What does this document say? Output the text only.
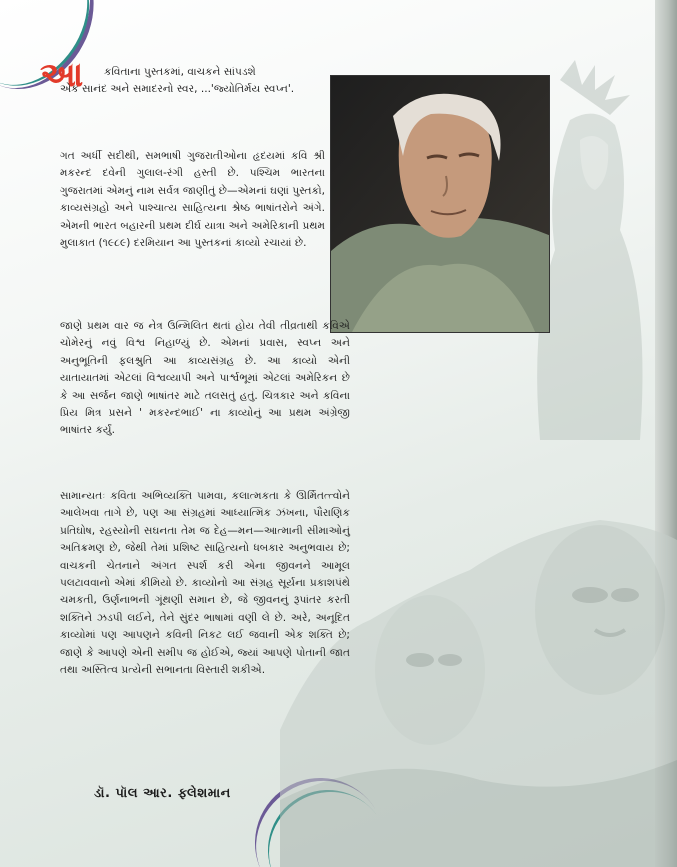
આ	કવિતાના પુસ્તકમાં, વાચકને સાંપડશે
એક સાનંદ અને સમાદરનો સ્વર, ...'જ્યોતિર્મય સ્વપ્ન'.
ગત અર્ધી સદીથી, સમભાષી ગુજરાતીઓના હૃદયમાં કવિ શ્રી મકરન્દ દવેની ગુલાલ-રંગી હસ્તી છે. પશ્ચિમ ભારતના ગુજરાતમાં એમનું નામ સર્વત્ર જાણીતું છે—એમનાં ઘણાં પુસ્તકો, કાવ્યસંગ્રહો અને પાશ્ચાત્ય સાહિત્યના શ્રેષ્ઠ ભાષાંતરોને અંગે. એમની ભારત બહારની પ્રથમ દીર્ઘ યાત્રા અને અમેરિકાની પ્રથમ મુલાકાત (૧૯૮૯) દરમિયાન આ પુસ્તકનાં કાવ્યો રચાયાં છે.
જાણે પ્રથમ વાર જ નેત્ર ઉન્મિલિત થતાં હોય તેવી તીવ્રતાથી કવિએ ચોમેરનું નવું વિશ્વ નિહાળ્યું છે. એમનાં પ્રવાસ, સ્વપ્ન અને અનુભૂતિની ફલશ્રુતિ આ કાવ્યસંગ્રહ છે. આ કાવ્યો એની યાતાયાતમાં એટલાં વિશ્વવ્યાપી અને પાર્શ્વભૂમાં એટલાં અમેરિકન છે કે આ સર્જન જાણે ભાષાંતર માટે તલસતું હતું. ચિત્રકાર અને કવિના પ્રિય મિત્ર પ્રસને ' મકરન્દભાઈ' ના કાવ્યોનું આ પ્રથમ અંગ્રેજી ભાષાંતર કર્યું.
સામાન્યતઃ કવિતા અભિવ્યક્તિ પામવા, કલાત્મકતા કે ઊર્મિતત્ત્વોને આલેખવા તાગે છે, પણ આ સંગ્રહમાં આધ્યાત્મિક ઝંખના, પૌરાણિક પ્રતિઘોષ, રહસ્યોની સઘનતા તેમ જ દેહ—મન—આત્માની સીમાઓનું અતિક્રમણ છે, જેથી તેમાં પ્રશિષ્ટ સાહિત્યનો ધબકાર અનુભવાય છે; વાચકની ચેતનાને અંગત સ્પર્શ કરી એના જીવનને આમૂલ પલટાવવાનો એમાં કીમિયો છે. કાવ્યોનો આ સંગ્રહ સૂર્યના પ્રકાશપંથે ચમકતી, ઉર્ણનાભની ગૂંથણી સમાન છે, જે જીવનનું રૂપાંતર કરતી શક્તિને ઝડપી લઈને, તેને સુંદર ભાષામાં વણી લે છે. અરે, અનૂદિત કાવ્યોમાં પણ આપણને કવિની નિકટ લઈ જવાની એક શક્તિ છે; જાણે કે આપણે એની સમીપ જ હોઈએ, જ્યાં આપણે પોતાની જાત તથા અસ્તિત્વ પ્રત્યેની સભાનતા વિસ્તારી શકીએ.
ડૉ. પૉલ આર. ફ્લેશમાન
